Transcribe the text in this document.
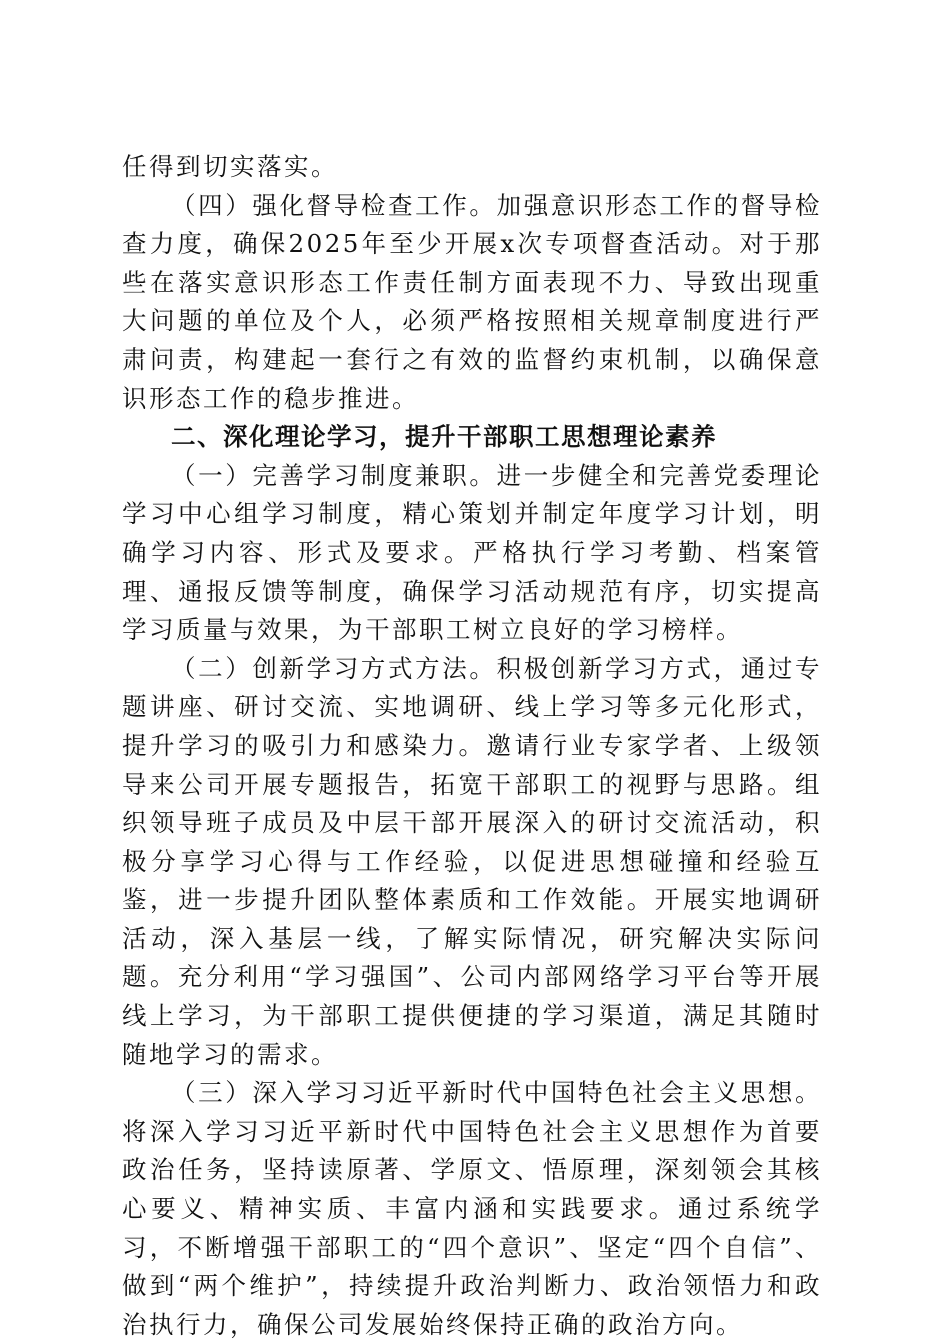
任得到切实落实。

（四）强化督导检查工作。加强意识形态工作的督导检查力度，确保2025年至少开展x次专项督查活动。对于那些在落实意识形态工作责任制方面表现不力、导致出现重大问题的单位及个人，必须严格按照相关规章制度进行严肃问责，构建起一套行之有效的监督约束机制，以确保意识形态工作的稳步推进。

二、深化理论学习，提升干部职工思想理论素养

（一）完善学习制度兼职。进一步健全和完善党委理论学习中心组学习制度，精心策划并制定年度学习计划，明确学习内容、形式及要求。严格执行学习考勤、档案管理、通报反馈等制度，确保学习活动规范有序，切实提高学习质量与效果，为干部职工树立良好的学习榜样。

（二）创新学习方式方法。积极创新学习方式，通过专题讲座、研讨交流、实地调研、线上学习等多元化形式，提升学习的吸引力和感染力。邀请行业专家学者、上级领导来公司开展专题报告，拓宽干部职工的视野与思路。组织领导班子成员及中层干部开展深入的研讨交流活动，积极分享学习心得与工作经验，以促进思想碰撞和经验互鉴，进一步提升团队整体素质和工作效能。开展实地调研活动，深入基层一线，了解实际情况，研究解决实际问题。充分利用“学习强国”、公司内部网络学习平台等开展线上学习，为干部职工提供便捷的学习渠道，满足其随时随地学习的需求。

（三）深入学习习近平新时代中国特色社会主义思想。将深入学习习近平新时代中国特色社会主义思想作为首要政治任务，坚持读原著、学原文、悟原理，深刻领会其核心要义、精神实质、丰富内涵和实践要求。通过系统学习，不断增强干部职工的“四个意识”、坚定“四个自信”、做到“两个维护”，持续提升政治判断力、政治领悟力和政治执行力，确保公司发展始终保持正确的政治方向。
